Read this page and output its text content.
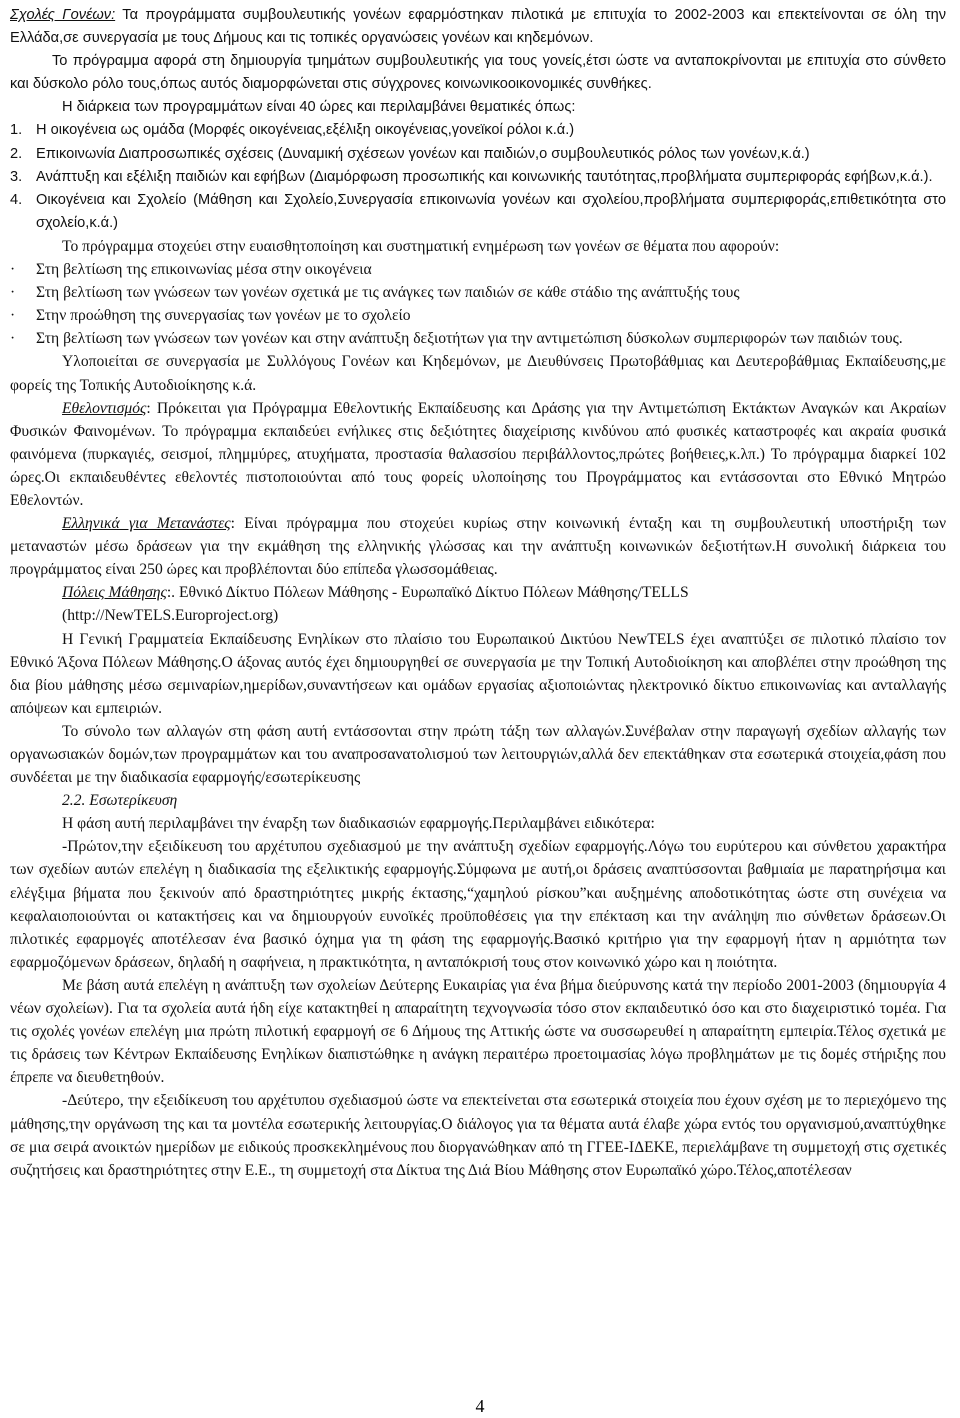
Σχολές Γονέων: Τα προγράμματα συμβουλευτικής γονέων εφαρμόστηκαν πιλοτικά με επιτυχία το 2002-2003 και επεκτείνονται σε όλη την Ελλάδα,σε συνεργασία με τους Δήμους και τις τοπικές οργανώσεις γονέων και κηδεμόνων.

Το πρόγραμμα αφορά στη δημιουργία τμημάτων συμβουλευτικής για τους γονείς,έτσι ώστε να ανταποκρίνονται με επιτυχία στο σύνθετο και δύσκολο ρόλο τους,όπως αυτός διαμορφώνεται στις σύγχρονες κοινωνικοοικονομικές συνθήκες.

Η διάρκεια των προγραμμάτων είναι 40 ώρες και περιλαμβάνει θεματικές όπως:

1. Η οικογένεια ως ομάδα (Μορφές οικογένειας,εξέλιξη οικογένειας,γονεϊκοί ρόλοι κ.ά.)

2. Επικοινωνία Διαπροσωπικές σχέσεις (Δυναμική σχέσεων γονέων και παιδιών,ο συμβουλευτικός ρόλος των γονέων,κ.ά.)

3. Ανάπτυξη και εξέλιξη παιδιών και εφήβων (Διαμόρφωση προσωπικής και κοινωνικής ταυτότητας,προβλήματα συμπεριφοράς εφήβων,κ.ά.).

4. Οικογένεια και Σχολείο (Μάθηση και Σχολείο,Συνεργασία επικοινωνία γονέων και σχολείου,προβλήματα συμπεριφοράς,επιθετικότητα στο σχολείο,κ.ά.)

Το πρόγραμμα στοχεύει στην ευαισθητοποίηση και συστηματική ενημέρωση των γονέων σε θέματα που αφορούν:

· Στη βελτίωση της επικοινωνίας μέσα στην οικογένεια

· Στη βελτίωση των γνώσεων των γονέων σχετικά με τις ανάγκες των παιδιών σε κάθε στάδιο της ανάπτυξής τους

· Στην προώθηση της συνεργασίας των γονέων με το σχολείο

· Στη βελτίωση των γνώσεων των γονέων και στην ανάπτυξη δεξιοτήτων για την αντιμετώπιση δύσκολων συμπεριφορών των παιδιών τους.

Υλοποιείται σε συνεργασία με Συλλόγους Γονέων και Κηδεμόνων, με Διευθύνσεις Πρωτοβάθμιας και Δευτεροβάθμιας Εκπαίδευσης,με φορείς της Τοπικής Αυτοδιοίκησης κ.ά.

Εθελοντισμός: Πρόκειται για Πρόγραμμα Εθελοντικής Εκπαίδευσης και Δράσης για την Αντιμετώπιση Εκτάκτων Αναγκών και Ακραίων Φυσικών Φαινομένων. Το πρόγραμμα εκπαιδεύει ενήλικες στις δεξιότητες διαχείρισης κινδύνου από φυσικές καταστροφές και ακραία φυσικά φαινόμενα (πυρκαγιές, σεισμοί, πλημμύρες, ατυχήματα, προστασία θαλασσίου περιβάλλοντος,πρώτες βοήθειες,κ.λπ.) Το πρόγραμμα διαρκεί 102 ώρες.Οι εκπαιδευθέντες εθελοντές πιστοποιούνται από τους φορείς υλοποίησης του Προγράμματος και εντάσσονται στο Εθνικό Μητρώο Εθελοντών.

Ελληνικά για Μετανάστες: Είναι πρόγραμμα που στοχεύει κυρίως στην κοινωνική ένταξη και τη συμβουλευτική υποστήριξη των μεταναστών μέσω δράσεων για την εκμάθηση της ελληνικής γλώσσας και την ανάπτυξη κοινωνικών δεξιοτήτων.Η συνολική διάρκεια του προγράμματος είναι 250 ώρες και προβλέπονται δύο επίπεδα γλωσσομάθειας.

Πόλεις Μάθησης:. Εθνικό Δίκτυο Πόλεων Μάθησης - Ευρωπαϊκό Δίκτυο Πόλεων Μάθησης/TELLS

(http://NewTELS.Europroject.org)

Η Γενική Γραμματεία Εκπαίδευσης Ενηλίκων στο πλαίσιο του Ευρωπαικού Δικτύου NewTELS έχει αναπτύξει σε πιλοτικό πλαίσιο τον Εθνικό Άξονα Πόλεων Μάθησης.Ο άξονας αυτός έχει δημιουργηθεί σε συνεργασία με την Τοπική Αυτοδιοίκηση και αποβλέπει στην προώθηση της δια βίου μάθησης μέσω σεμιναρίων,ημερίδων,συναντήσεων και ομάδων εργασίας αξιοποιώντας ηλεκτρονικό δίκτυο επικοινωνίας και ανταλλαγής απόψεων και εμπειριών.

Το σύνολο των αλλαγών στη φάση αυτή εντάσσονται στην πρώτη τάξη των αλλαγών.Συνέβαλαν στην παραγωγή σχεδίων αλλαγής των οργανωσιακών δομών,των προγραμμάτων και του αναπροσανατολισμού των λειτουργιών,αλλά δεν επεκτάθηκαν στα εσωτερικά στοιχεία,φάση που συνδέεται με την διαδικασία εφαρμογής/εσωτερίκευσης

2.2. Εσωτερίκευση

Η φάση αυτή περιλαμβάνει την έναρξη των διαδικασιών εφαρμογής.Περιλαμβάνει ειδικότερα:

-Πρώτον,την εξειδίκευση του αρχέτυπου σχεδιασμού με την ανάπτυξη σχεδίων εφαρμογής.Λόγω του ευρύτερου και σύνθετου χαρακτήρα των σχεδίων αυτών επελέγη η διαδικασία της εξελικτικής εφαρμογής.Σύμφωνα με αυτή,οι δράσεις αναπτύσσονται βαθμιαία με παρατηρήσιμα και ελέγξιμα βήματα που ξεκινούν από δραστηριότητες μικρής έκτασης,“χαμηλού ρίσκου”και αυξημένης αποδοτικότητας ώστε στη συνέχεια να κεφαλαιοποιούνται οι κατακτήσεις και να δημιουργούν ευνοϊκές προϋποθέσεις για την επέκταση και την ανάληψη πιο σύνθετων δράσεων.Οι πιλοτικές εφαρμογές αποτέλεσαν ένα βασικό όχημα για τη φάση της εφαρμογής.Βασικό κριτήριο για την εφαρμογή ήταν η αρμιότητα των εφαρμοζόμενων δράσεων, δηλαδή η σαφήνεια, η πρακτικότητα, η ανταπόκρισή τους στον κοινωνικό χώρο και η ποιότητα.

Με βάση αυτά επελέγη η ανάπτυξη των σχολείων Δεύτερης Ευκαιρίας για ένα βήμα διεύρυνσης κατά την περίοδο 2001-2003 (δημιουργία 4 νέων σχολείων). Για τα σχολεία αυτά ήδη είχε κατακτηθεί η απαραίτητη τεχνογνωσία τόσο στον εκπαιδευτικό όσο και στο διαχειριστικό τομέα. Για τις σχολές γονέων επελέγη μια πρώτη πιλοτική εφαρμογή σε 6 Δήμους της Αττικής ώστε να συσσωρευθεί η απαραίτητη εμπειρία.Τέλος σχετικά με τις δράσεις των Κέντρων Εκπαίδευσης Ενηλίκων διαπιστώθηκε η ανάγκη περαιτέρω προετοιμασίας λόγω προβλημάτων με τις δομές στήριξης που έπρεπε να διευθετηθούν.

-Δεύτερο, την εξειδίκευση του αρχέτυπου σχεδιασμού ώστε να επεκτείνεται στα εσωτερικά στοιχεία που έχουν σχέση με το περιεχόμενο της μάθησης,την οργάνωση της και τα μοντέλα εσωτερικής λειτουργίας.Ο διάλογος για τα θέματα αυτά έλαβε χώρα εντός του οργανισμού,αναπτύχθηκε σε μια σειρά ανοικτών ημερίδων με ειδικούς προσκεκλημένους που διοργανώθηκαν από τη ΓΓΕΕ-ΙΔΕΚΕ, περιελάμβανε τη συμμετοχή στις σχετικές συζητήσεις και δραστηριότητες στην Ε.Ε., τη συμμετοχή στα Δίκτυα της Διά Βίου Μάθησης στον Ευρωπαϊκό χώρο.Τέλος,αποτέλεσαν

4
